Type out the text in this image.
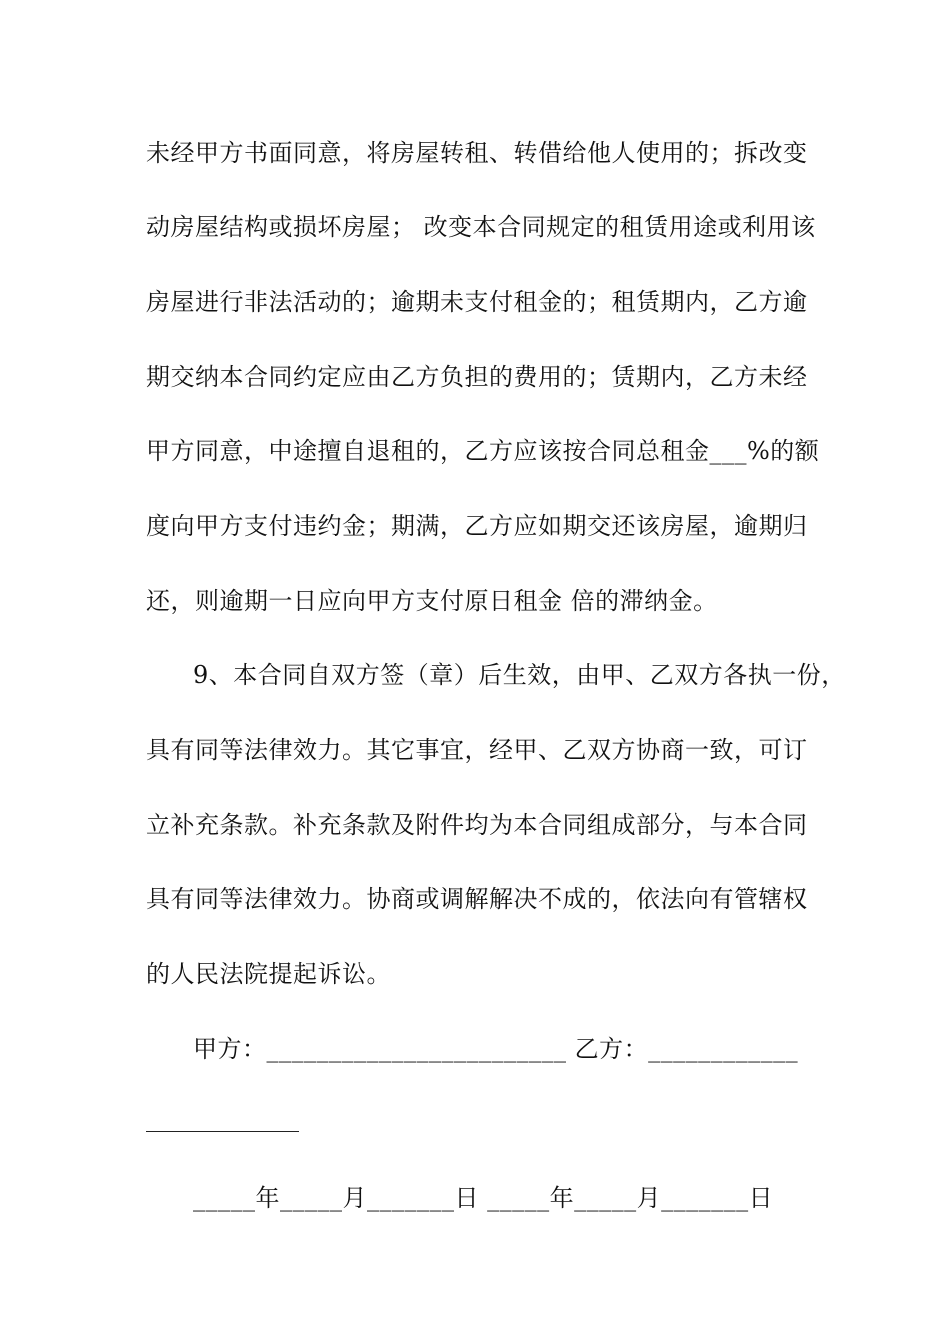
未经甲方书面同意，将房屋转租、转借给他人使用的；拆改变
动房屋结构或损坏房屋； 改变本合同规定的租赁用途或利用该
房屋进行非法活动的；逾期未支付租金的；租赁期内，乙方逾
期交纳本合同约定应由乙方负担的费用的；赁期内，乙方未经
甲方同意，中途擅自退租的，乙方应该按合同总租金___%的额
度向甲方支付违约金；期满，乙方应如期交还该房屋，逾期归
还，则逾期一日应向甲方支付原日租金 倍的滞纳金。
9、本合同自双方签（章）后生效，由甲、乙双方各执一份，
具有同等法律效力。其它事宜，经甲、乙双方协商一致，可订
立补充条款。补充条款及附件均为本合同组成部分，与本合同
具有同等法律效力。协商或调解解决不成的，依法向有管辖权
的人民法院提起诉讼。
甲方：________________________ 乙方：____________
_____年_____月_______日 _____年_____月_______日
